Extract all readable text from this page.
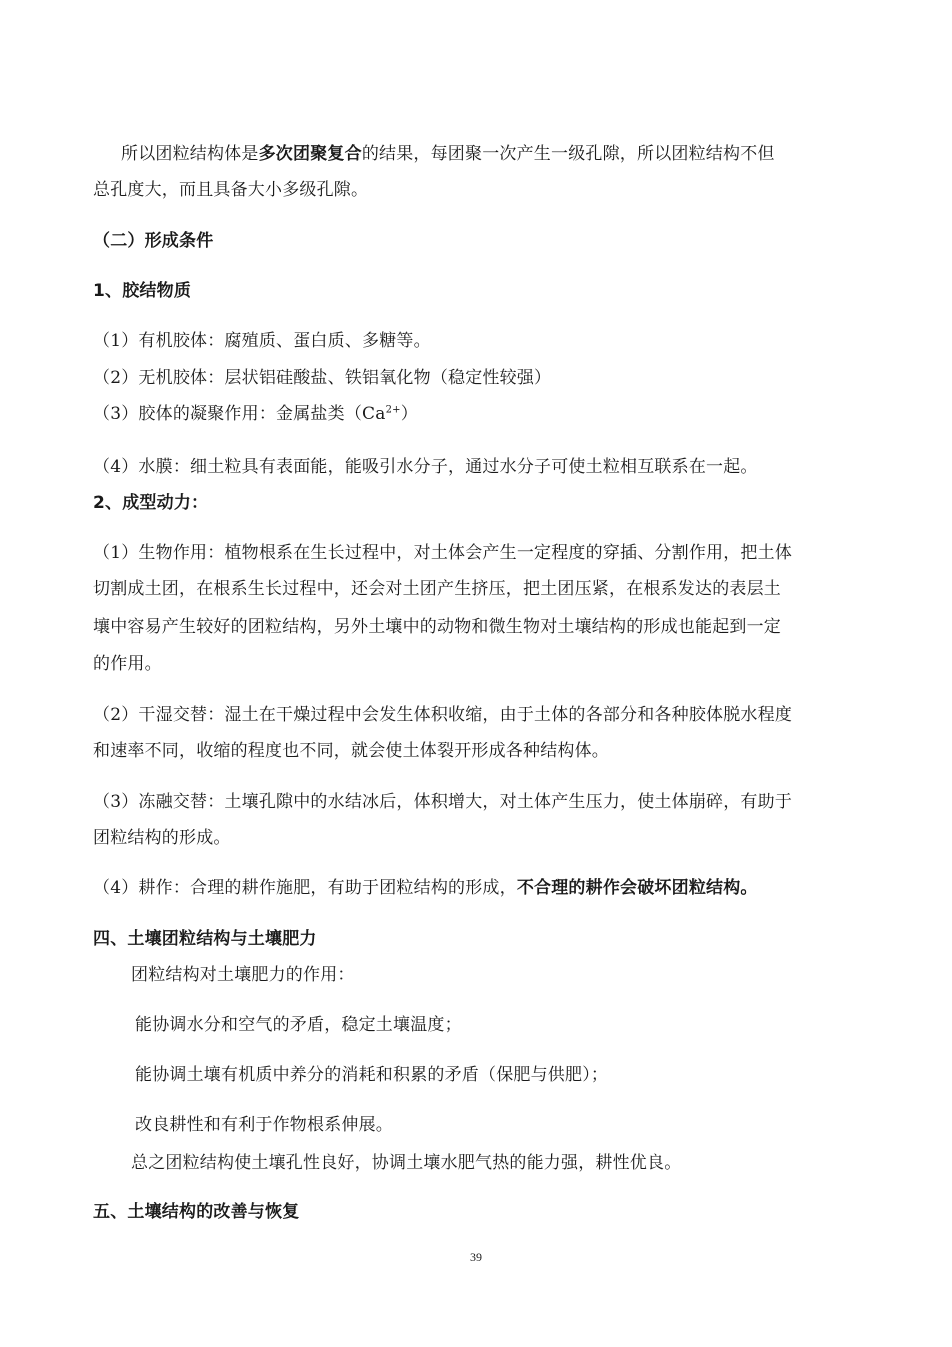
所以团粒结构体是多次团聚复合的结果，每团聚一次产生一级孔隙，所以团粒结构不但

总孔度大，而且具备大小多级孔隙。

（二）形成条件

1、胶结物质

（1）有机胶体：腐殖质、蛋白质、多糖等。

（2）无机胶体：层状铝硅酸盐、铁铝氧化物（稳定性较强）

（3）胶体的凝聚作用：金属盐类$(Ca^{2+})$

（4）水膜：细土粒具有表面能，能吸引水分子，通过水分子可使土粒相互联系在一起。

2、成型动力：

（1）生物作用：植物根系在生长过程中，对土体会产生一定程度的穿插、分割作用，把土体

切割成土团，在根系生长过程中，还会对土团产生挤压，把土团压紧，在根系发达的表层土

壤中容易产生较好的团粒结构，另外土壤中的动物和微生物对土壤结构的形成也能起到一定

的作用。

（2）干湿交替：湿土在干燥过程中会发生体积收缩，由于土体的各部分和各种胶体脱水程度

和速率不同，收缩的程度也不同，就会使土体裂开形成各种结构体。

（3）冻融交替：土壤孔隙中的水结冰后，体积增大，对土体产生压力，使土体崩碎，有助于

团粒结构的形成。

（4）耕作：合理的耕作施肥，有助于团粒结构的形成，不合理的耕作会破坏团粒结构。

四、土壤团粒结构与土壤肥力

团粒结构对土壤肥力的作用：

能协调水分和空气的矛盾，稳定土壤温度；

能协调土壤有机质中养分的消耗和积累的矛盾（保肥与供肥）；

改良耕性和有利于作物根系伸展。

总之团粒结构使土壤孔性良好，协调土壤水肥气热的能力强，耕性优良。

五、土壤结构的改善与恢复

39
